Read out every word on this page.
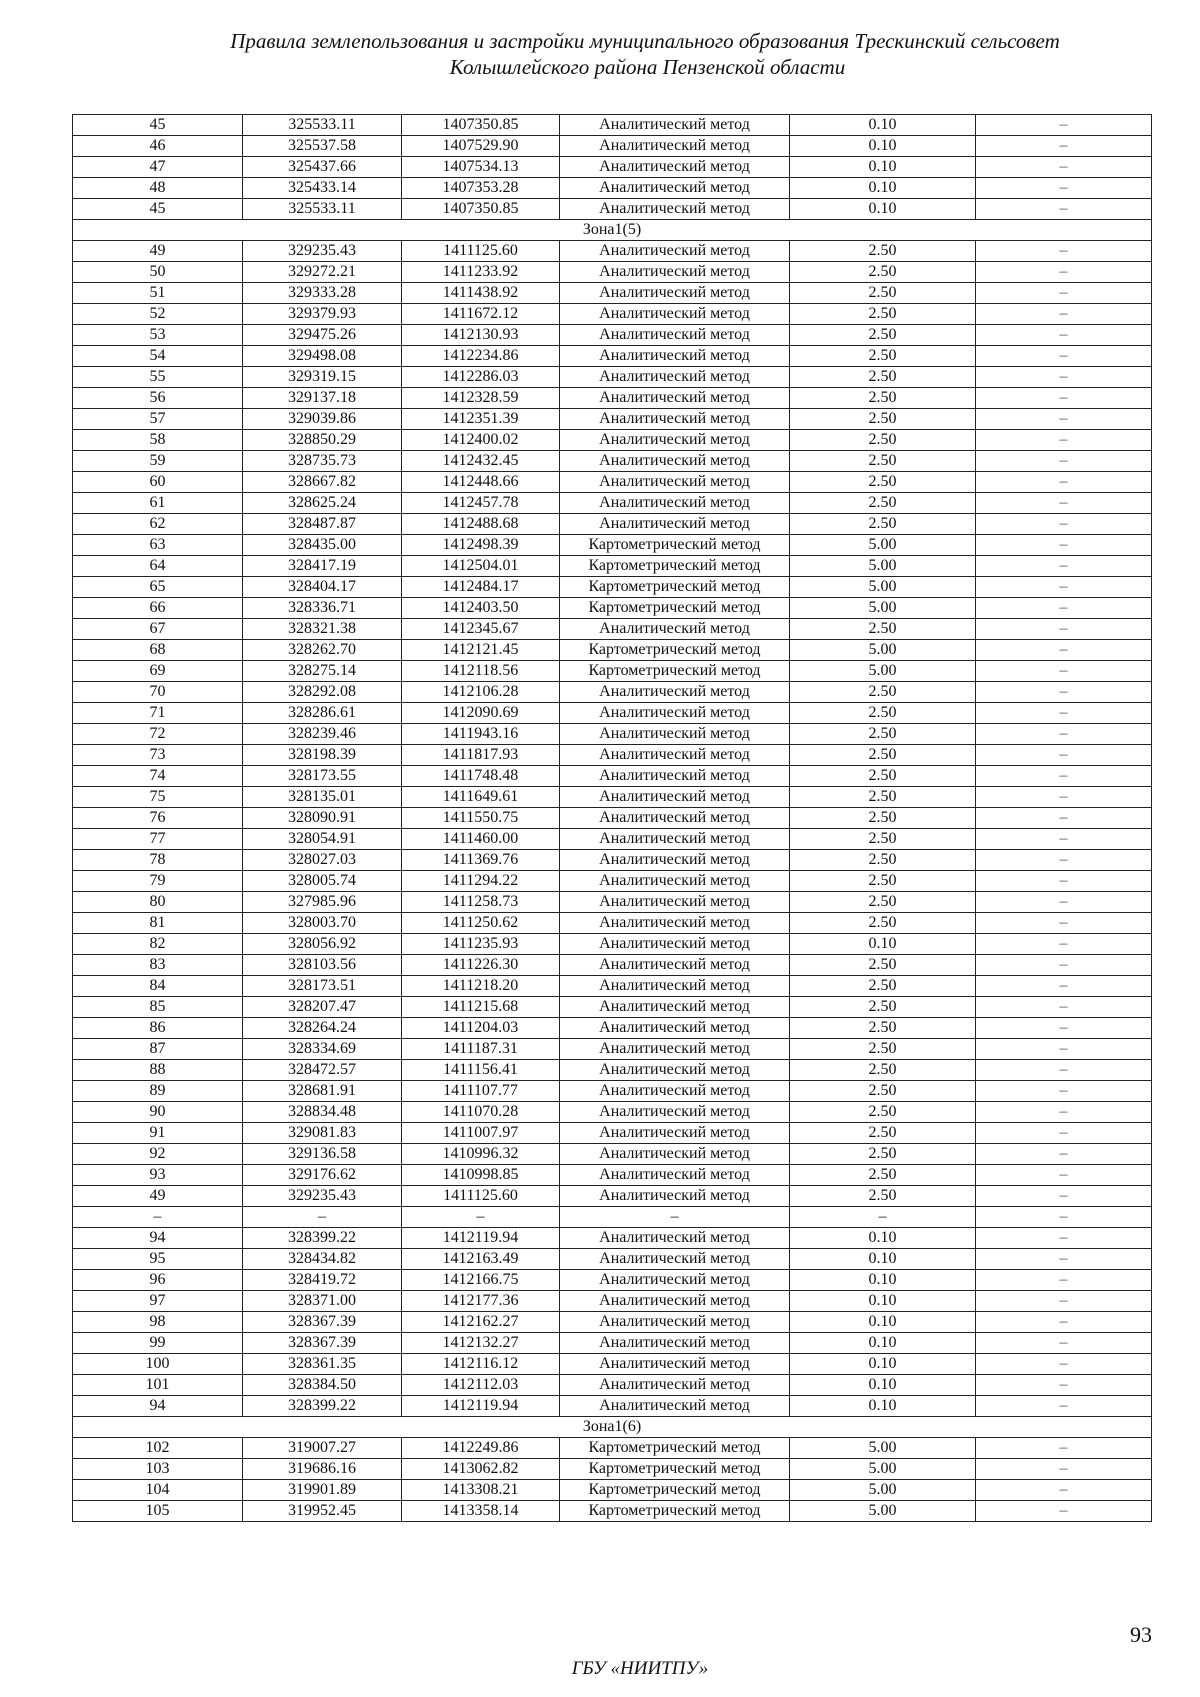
Правила землепользования и застройки муниципального образования Трескинский сельсовет
Колышлейского района Пензенской области
45	325533.11	1407350.85	Аналитический метод	0.10	–
46	325537.58	1407529.90	Аналитический метод	0.10	–
47	325437.66	1407534.13	Аналитический метод	0.10	–
48	325433.14	1407353.28	Аналитический метод	0.10	–
45	325533.11	1407350.85	Аналитический метод	0.10	–
Зона1(5)					
49	329235.43	1411125.60	Аналитический метод	2.50	–
50	329272.21	1411233.92	Аналитический метод	2.50	–
51	329333.28	1411438.92	Аналитический метод	2.50	–
52	329379.93	1411672.12	Аналитический метод	2.50	–
53	329475.26	1412130.93	Аналитический метод	2.50	–
54	329498.08	1412234.86	Аналитический метод	2.50	–
55	329319.15	1412286.03	Аналитический метод	2.50	–
56	329137.18	1412328.59	Аналитический метод	2.50	–
57	329039.86	1412351.39	Аналитический метод	2.50	–
58	328850.29	1412400.02	Аналитический метод	2.50	–
59	328735.73	1412432.45	Аналитический метод	2.50	–
60	328667.82	1412448.66	Аналитический метод	2.50	–
61	328625.24	1412457.78	Аналитический метод	2.50	–
62	328487.87	1412488.68	Аналитический метод	2.50	–
63	328435.00	1412498.39	Картометрический метод	5.00	–
64	328417.19	1412504.01	Картометрический метод	5.00	–
65	328404.17	1412484.17	Картометрический метод	5.00	–
66	328336.71	1412403.50	Картометрический метод	5.00	–
67	328321.38	1412345.67	Аналитический метод	2.50	–
68	328262.70	1412121.45	Картометрический метод	5.00	–
69	328275.14	1412118.56	Картометрический метод	5.00	–
70	328292.08	1412106.28	Аналитический метод	2.50	–
71	328286.61	1412090.69	Аналитический метод	2.50	–
72	328239.46	1411943.16	Аналитический метод	2.50	–
73	328198.39	1411817.93	Аналитический метод	2.50	–
74	328173.55	1411748.48	Аналитический метод	2.50	–
75	328135.01	1411649.61	Аналитический метод	2.50	–
76	328090.91	1411550.75	Аналитический метод	2.50	–
77	328054.91	1411460.00	Аналитический метод	2.50	–
78	328027.03	1411369.76	Аналитический метод	2.50	–
79	328005.74	1411294.22	Аналитический метод	2.50	–
80	327985.96	1411258.73	Аналитический метод	2.50	–
81	328003.70	1411250.62	Аналитический метод	2.50	–
82	328056.92	1411235.93	Аналитический метод	0.10	–
83	328103.56	1411226.30	Аналитический метод	2.50	–
84	328173.51	1411218.20	Аналитический метод	2.50	–
85	328207.47	1411215.68	Аналитический метод	2.50	–
86	328264.24	1411204.03	Аналитический метод	2.50	–
87	328334.69	1411187.31	Аналитический метод	2.50	–
88	328472.57	1411156.41	Аналитический метод	2.50	–
89	328681.91	1411107.77	Аналитический метод	2.50	–
90	328834.48	1411070.28	Аналитический метод	2.50	–
91	329081.83	1411007.97	Аналитический метод	2.50	–
92	329136.58	1410996.32	Аналитический метод	2.50	–
93	329176.62	1410998.85	Аналитический метод	2.50	–
49	329235.43	1411125.60	Аналитический метод	2.50	–
–	–	–	–	–	–
94	328399.22	1412119.94	Аналитический метод	0.10	–
95	328434.82	1412163.49	Аналитический метод	0.10	–
96	328419.72	1412166.75	Аналитический метод	0.10	–
97	328371.00	1412177.36	Аналитический метод	0.10	–
98	328367.39	1412162.27	Аналитический метод	0.10	–
99	328367.39	1412132.27	Аналитический метод	0.10	–
100	328361.35	1412116.12	Аналитический метод	0.10	–
101	328384.50	1412112.03	Аналитический метод	0.10	–
94	328399.22	1412119.94	Аналитический метод	0.10	–
Зона1(6)					
102	319007.27	1412249.86	Картометрический метод	5.00	–
103	319686.16	1413062.82	Картометрический метод	5.00	–
104	319901.89	1413308.21	Картометрический метод	5.00	–
105	319952.45	1413358.14	Картометрический метод	5.00	–
93
ГБУ «НИИТПУ»
